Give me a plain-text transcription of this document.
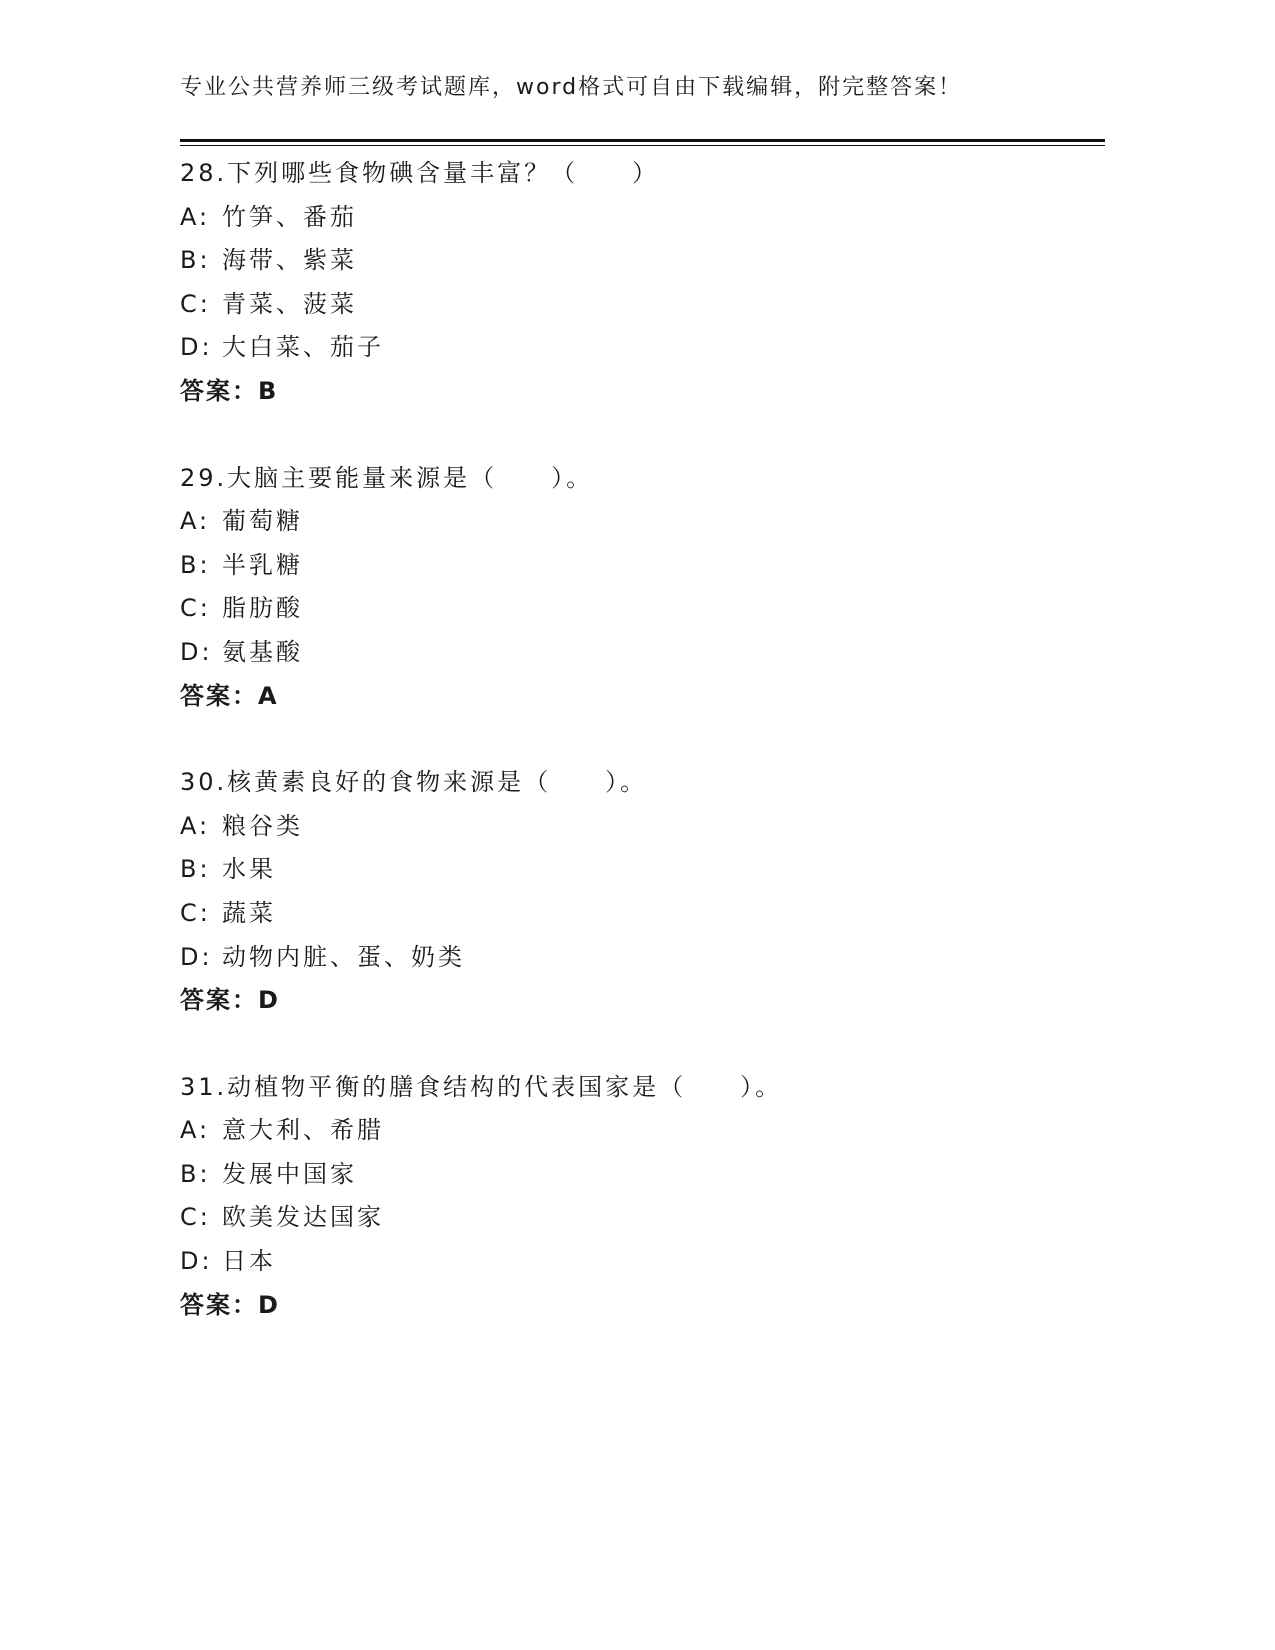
专业公共营养师三级考试题库，word格式可自由下载编辑，附完整答案！
28.下列哪些食物碘含量丰富？（　　）
A: 竹笋、番茄
B: 海带、紫菜
C: 青菜、菠菜
D: 大白菜、茄子
答案：B
29.大脑主要能量来源是（　　）。
A: 葡萄糖
B: 半乳糖
C: 脂肪酸
D: 氨基酸
答案：A
30.核黄素良好的食物来源是（　　）。
A: 粮谷类
B: 水果
C: 蔬菜
D: 动物内脏、蛋、奶类
答案：D
31.动植物平衡的膳食结构的代表国家是（　　）。
A: 意大利、希腊
B: 发展中国家
C: 欧美发达国家
D: 日本
答案：D
